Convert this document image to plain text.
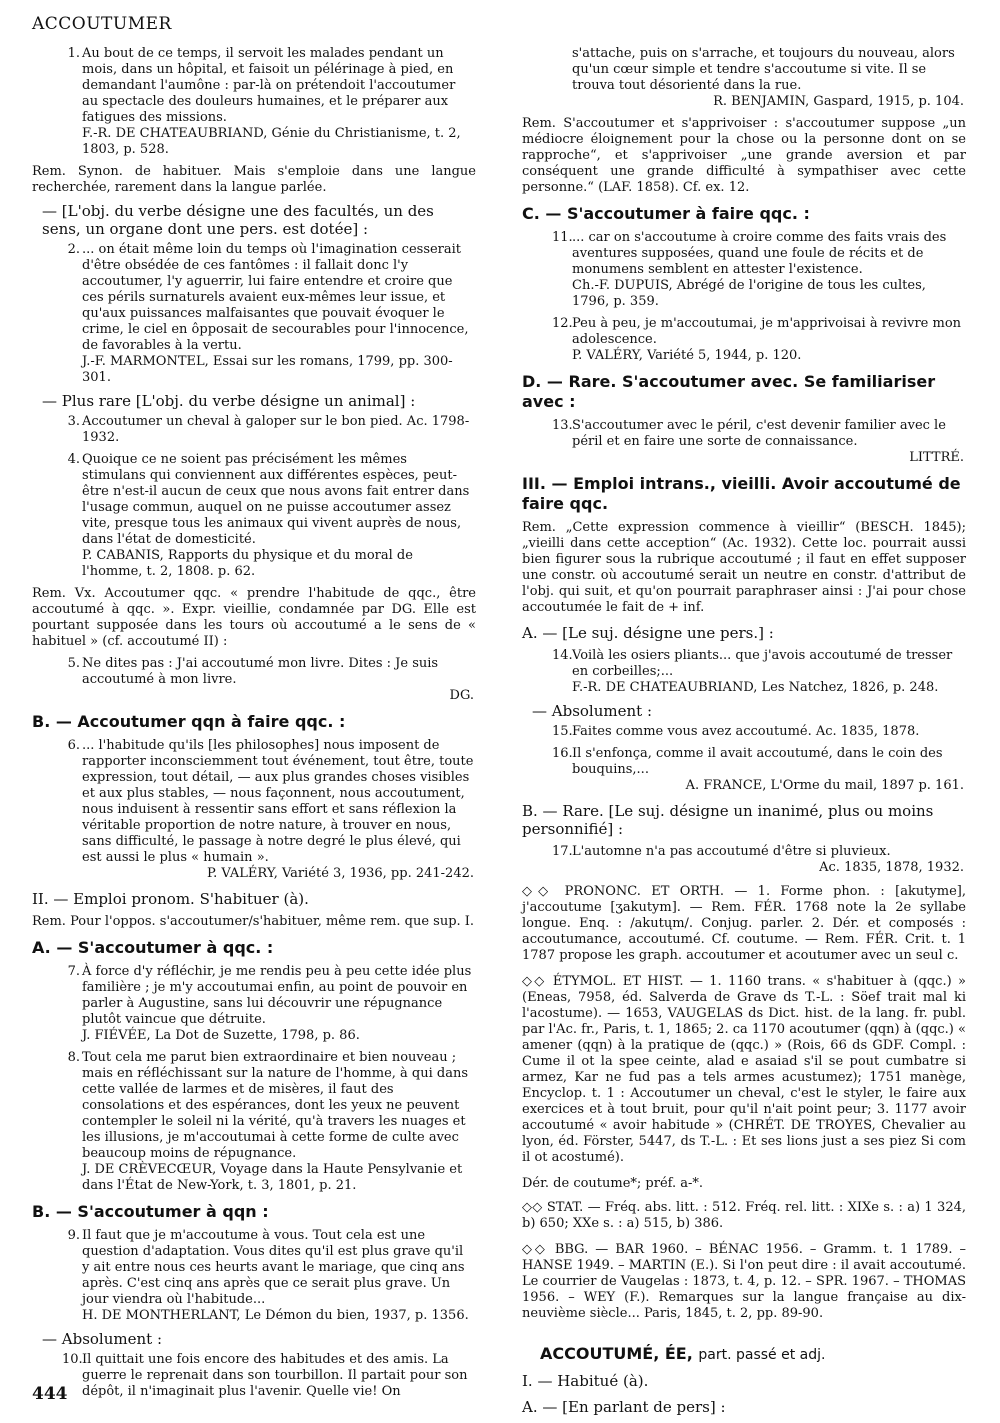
ACCOUTUMER
1. Au bout de ce temps, il servoit les malades pendant un mois, dans un hôpital, et faisoit un pélérinage à pied, en demandant l'aumône : par-là on prétendoit l'accoutumer au spectacle des douleurs humaines, et le préparer aux fatigues des missions.
F.-R. DE CHATEAUBRIAND, Génie du Christianisme, t. 2, 1803, p. 528.
Rem. Synon. de habituer. Mais s'emploie dans une langue recherchée, rarement dans la langue parlée.
— [L'obj. du verbe désigne une des facultés, un des sens, un organe dont une pers. est dotée] :
2. ... on était même loin du temps où l'imagination cesserait d'être obsédée de ces fantômes : il fallait donc l'y accoutumer, l'y aguerrir, lui faire entendre et croire que ces périls surnaturels avaient eux-mêmes leur issue, et qu'aux puissances malfaisantes que pouvait évoquer le crime, le ciel en ôpposait de secourables pour l'innocence, de favorables à la vertu.
J.-F. MARMONTEL, Essai sur les romans, 1799, pp. 300-301.
— Plus rare [L'obj. du verbe désigne un animal] :
3. Accoutumer un cheval à galoper sur le bon pied. Ac. 1798-1932.
4. Quoique ce ne soient pas précisément les mêmes stimulans qui conviennent aux différentes espèces, peut-être n'est-il aucun de ceux que nous avons fait entrer dans l'usage commun, auquel on ne puisse accoutumer assez vite, presque tous les animaux qui vivent auprès de nous, dans l'état de domesticité.
P. CABANIS, Rapports du physique et du moral de l'homme, t. 2, 1808. p. 62.
Rem. Vx. Accoutumer qqc. « prendre l'habitude de qqc., être accoutumé à qqc. ». Expr. vieillie, condamnée par DG. Elle est pourtant supposée dans les tours où accoutumé a le sens de « habituel » (cf. accoutumé II) :
5. Ne dites pas : J'ai accoutumé mon livre. Dites : Je suis accoutumé à mon livre.
DG.
B. — Accoutumer qqn à faire qqc. :
6. ... l'habitude qu'ils [les philosophes] nous imposent de rapporter inconsciemment tout événement, tout être, toute expression, tout détail, — aux plus grandes choses visibles et aux plus stables, — nous façonnent, nous accoutument, nous induisent à ressentir sans effort et sans réflexion la véritable proportion de notre nature, à trouver en nous, sans difficulté, le passage à notre degré le plus élevé, qui est aussi le plus « humain ».
P. VALÉRY, Variété 3, 1936, pp. 241-242.
II. — Emploi pronom. S'habituer (à).
Rem. Pour l'oppos. s'accoutumer/s'habituer, même rem. que sup. I.
A. — S'accoutumer à qqc. :
7. À force d'y réfléchir, je me rendis peu à peu cette idée plus familière ; je m'y accoutumai enfin, au point de pouvoir en parler à Augustine, sans lui découvrir une répugnance plutôt vaincue que détruite.
J. FIÉVÉE, La Dot de Suzette, 1798, p. 86.
8. Tout cela me parut bien extraordinaire et bien nouveau ; mais en réfléchissant sur la nature de l'homme, à qui dans cette vallée de larmes et de misères, il faut des consolations et des espérances, dont les yeux ne peuvent contempler le soleil ni la vérité, qu'à travers les nuages et les illusions, je m'accoutumai à cette forme de culte avec beaucoup moins de répugnance.
J. DE CRÈVECŒUR, Voyage dans la Haute Pensylvanie et dans l'État de New-York, t. 3, 1801, p. 21.
B. — S'accoutumer à qqn :
9. Il faut que je m'accoutume à vous. Tout cela est une question d'adaptation. Vous dites qu'il est plus grave qu'il y ait entre nous ces heurts avant le mariage, que cinq ans après. C'est cinq ans après que ce serait plus grave. Un jour viendra où l'habitude...
H. DE MONTHERLANT, Le Démon du bien, 1937, p. 1356.
— Absolument :
10. Il quittait une fois encore des habitudes et des amis. La guerre le reprenait dans son tourbillon. Il partait pour son dépôt, il n'imaginait plus l'avenir. Quelle vie! On
s'attache, puis on s'arrache, et toujours du nouveau, alors qu'un cœur simple et tendre s'accoutume si vite. Il se trouva tout désorienté dans la rue.
R. BENJAMIN, Gaspard, 1915, p. 104.
Rem. S'accoutumer et s'apprivoiser : s'accoutumer suppose „un médiocre éloignement pour la chose ou la personne dont on se rapproche“, et s'apprivoiser „une grande aversion et par conséquent une grande difficulté à sympathiser avec cette personne.“ (LAF. 1858). Cf. ex. 12.
C. — S'accoutumer à faire qqc. :
11. ... car on s'accoutume à croire comme des faits vrais des aventures supposées, quand une foule de récits et de monumens semblent en attester l'existence.
Ch.-F. DUPUIS, Abrégé de l'origine de tous les cultes, 1796, p. 359.
12. Peu à peu, je m'accoutumai, je m'apprivoisai à revivre mon adolescence.
P. VALÉRY, Variété 5, 1944, p. 120.
D. — Rare. S'accoutumer avec. Se familiariser avec :
13. S'accoutumer avec le péril, c'est devenir familier avec le péril et en faire une sorte de connaissance.
LITTRÉ.
III. — Emploi intrans., vieilli. Avoir accoutumé de faire qqc.
Rem. „Cette expression commence à vieillir“ (BESCH. 1845); „vieilli dans cette acception“ (Ac. 1932). Cette loc. pourrait aussi bien figurer sous la rubrique accoutumé ; il faut en effet supposer une constr. où accoutumé serait un neutre en constr. d'attribut de l'obj. qui suit, et qu'on pourrait paraphraser ainsi : J'ai pour chose accoutumée le fait de + inf.
A. — [Le suj. désigne une pers.] :
14. Voilà les osiers pliants... que j'avois accoutumé de tresser en corbeilles;...
F.-R. DE CHATEAUBRIAND, Les Natchez, 1826, p. 248.
— Absolument :
15. Faites comme vous avez accoutumé. Ac. 1835, 1878.
16. Il s'enfonça, comme il avait accoutumé, dans le coin des bouquins,...
A. FRANCE, L'Orme du mail, 1897 p. 161.
B. — Rare. [Le suj. désigne un inanimé, plus ou moins personnifié] :
17. L'automne n'a pas accoutumé d'être si pluvieux.
Ac. 1835, 1878, 1932.
◇◇ PRONONC. ET ORTH. — 1. Forme phon. : [akutyme], j'accoutume [ʒakutym]. — Rem. FÉR. 1768 note la 2e syllabe longue. Enq. : /akutųm/. Conjug. parler. 2. Dér. et composés : accoutumance, accoutumé. Cf. coutume. — Rem. FÉR. Crit. t. 1 1787 propose les graph. accoutumer et acoutumer avec un seul c.
◇◇ ÉTYMOL. ET HIST. — 1. 1160 trans. « s'habituer à (qqc.) » (Eneas, 7958, éd. Salverda de Grave ds T.-L. : Söef trait mal ki l'acostume). — 1653, VAUGELAS ds Dict. hist. de la lang. fr. publ. par l'Ac. fr., Paris, t. 1, 1865; 2. ca 1170 acoutumer (qqn) à (qqc.) « amener (qqn) à la pratique de (qqc.) » (Rois, 66 ds GDF. Compl. : Cume il ot la spee ceinte, alad e asaiad s'il se pout cumbatre si armez, Kar ne fud pas a tels armes acustumez); 1751 manège, Encyclop. t. 1 : Accoutumer un cheval, c'est le styler, le faire aux exercices et à tout bruit, pour qu'il n'ait point peur; 3. 1177 avoir accoutumé « avoir habitude » (CHRÉT. DE TROYES, Chevalier au lyon, éd. Förster, 5447, ds T.-L. : Et ses lions just a ses piez Si com il ot acostumé).
Dér. de coutume*; préf. a-*.
◇◇ STAT. — Fréq. abs. litt. : 512. Fréq. rel. litt. : XIXe s. : a) 1 324, b) 650; XXe s. : a) 515, b) 386.
◇◇ BBG. — BAR 1960. – BÉNAC 1956. – Gramm. t. 1 1789. – HANSE 1949. – MARTIN (E.). Si l'on peut dire : il avait accoutumé. Le courrier de Vaugelas : 1873, t. 4, p. 12. – SPR. 1967. – THOMAS 1956. – WEY (F.). Remarques sur la langue française au dix-neuvième siècle... Paris, 1845, t. 2, pp. 89-90.
ACCOUTUMÉ, ÉE, part. passé et adj.
I. — Habitué (à).
A. — [En parlant de pers] :
444
